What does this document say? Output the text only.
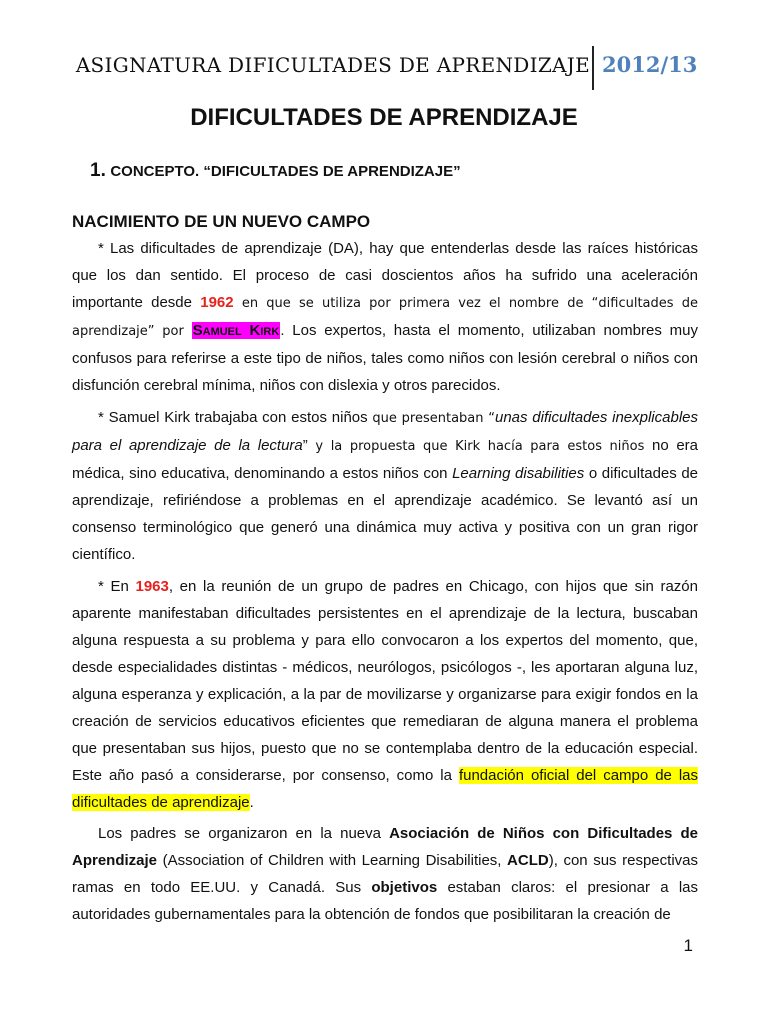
ASIGNATURA DIFICULTADES DE APRENDIZAJE 2012/13
DIFICULTADES DE APRENDIZAJE
1. CONCEPTO. “DIFICULTADES DE APRENDIZAJE”
NACIMIENTO DE UN NUEVO CAMPO

* Las dificultades de aprendizaje (DA), hay que entenderlas desde las raíces históricas que los dan sentido. El proceso de casi doscientos años ha sufrido una aceleración importante desde 1962 en que se utiliza por primera vez el nombre de “dificultades de aprendizaje” por Samuel Kirk. Los expertos, hasta el momento, utilizaban nombres muy confusos para referirse a este tipo de niños, tales como niños con lesión cerebral o niños con disfunción cerebral mínima, niños con dislexia y otros parecidos.

* Samuel Kirk trabajaba con estos niños que presentaban “unas dificultades inexplicables para el aprendizaje de la lectura” y la propuesta que Kirk hacía para estos niños no era médica, sino educativa, denominando a estos niños con Learning disabilities o dificultades de aprendizaje, refiriéndose a problemas en el aprendizaje académico. Se levantó así un consenso terminológico que generó una dinámica muy activa y positiva con un gran rigor científico.

* En 1963, en la reunión de un grupo de padres en Chicago, con hijos que sin razón aparente manifestaban dificultades persistentes en el aprendizaje de la lectura, buscaban alguna respuesta a su problema y para ello convocaron a los expertos del momento, que, desde especialidades distintas - médicos, neurólogos, psicólogos -, les aportaran alguna luz, alguna esperanza y explicación, a la par de movilizarse y organizarse para exigir fondos en la creación de servicios educativos eficientes que remediaran de alguna manera el problema que presentaban sus hijos, puesto que no se contemplaba dentro de la educación especial. Este año pasó a considerarse, por consenso, como la fundación oficial del campo de las dificultades de aprendizaje.

Los padres se organizaron en la nueva Asociación de Niños con Dificultades de Aprendizaje (Association of Children with Learning Disabilities, ACLD), con sus respectivas ramas en todo EE.UU. y Canadá. Sus objetivos estaban claros: el presionar a las autoridades gubernamentales para la obtención de fondos que posibilitaran la creación de

1
